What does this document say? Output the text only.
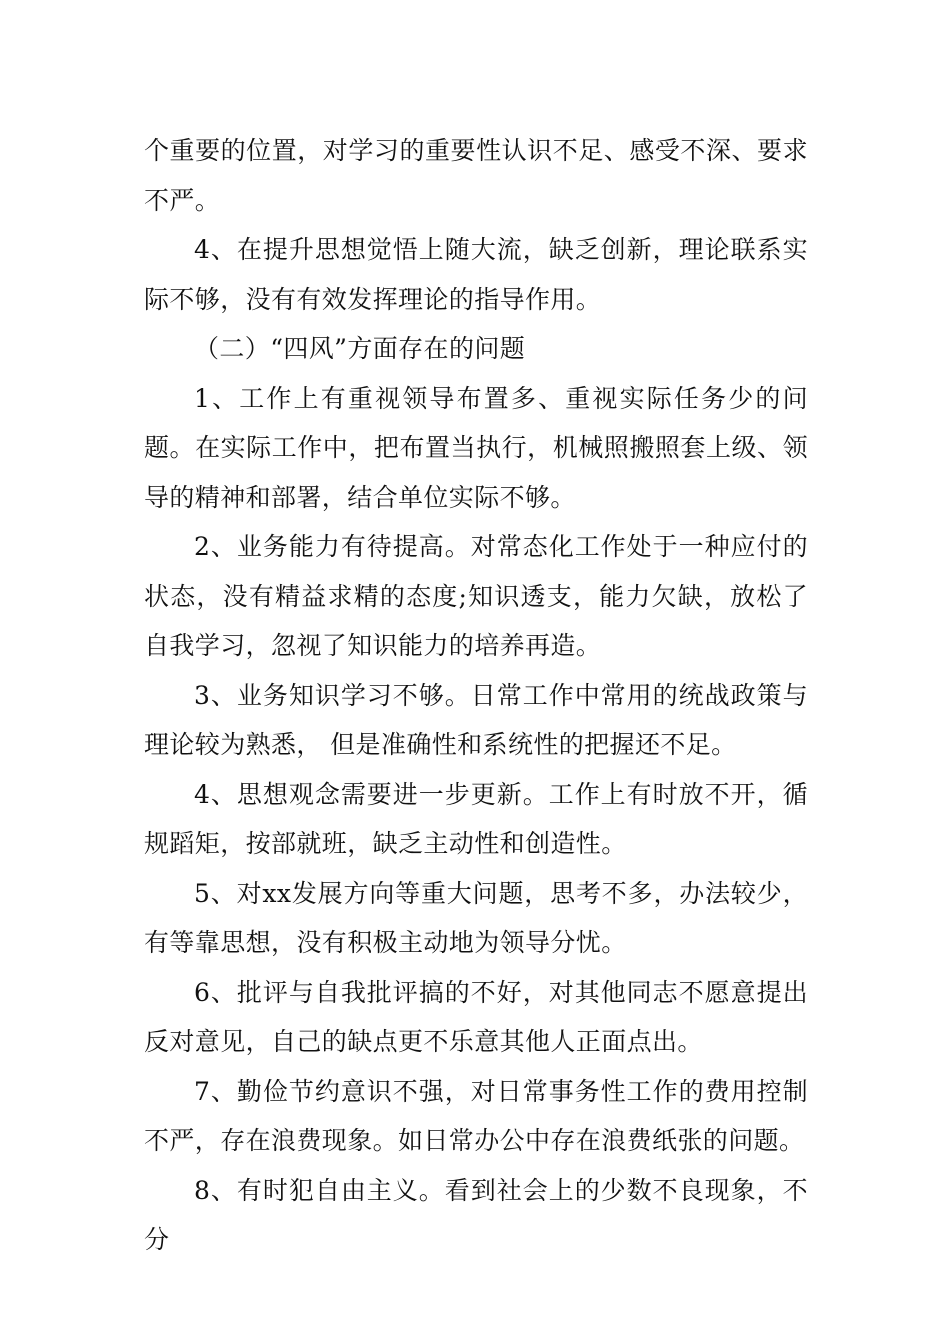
个重要的位置，对学习的重要性认识不足、感受不深、要求不严。

4、在提升思想觉悟上随大流，缺乏创新，理论联系实际不够，没有有效发挥理论的指导作用。

（二）“四风”方面存在的问题

1、工作上有重视领导布置多、重视实际任务少的问题。在实际工作中，把布置当执行，机械照搬照套上级、领导的精神和部署，结合单位实际不够。

2、业务能力有待提高。对常态化工作处于一种应付的状态，没有精益求精的态度;知识透支，能力欠缺，放松了自我学习，忽视了知识能力的培养再造。

3、业务知识学习不够。日常工作中常用的统战政策与理论较为熟悉， 但是准确性和系统性的把握还不足。

4、思想观念需要进一步更新。工作上有时放不开，循规蹈矩，按部就班，缺乏主动性和创造性。

5、对xx发展方向等重大问题，思考不多，办法较少，有等靠思想，没有积极主动地为领导分忧。

6、批评与自我批评搞的不好，对其他同志不愿意提出反对意见，自己的缺点更不乐意其他人正面点出。

7、勤俭节约意识不强，对日常事务性工作的费用控制不严，存在浪费现象。如日常办公中存在浪费纸张的问题。

8、有时犯自由主义。看到社会上的少数不良现象，不分
